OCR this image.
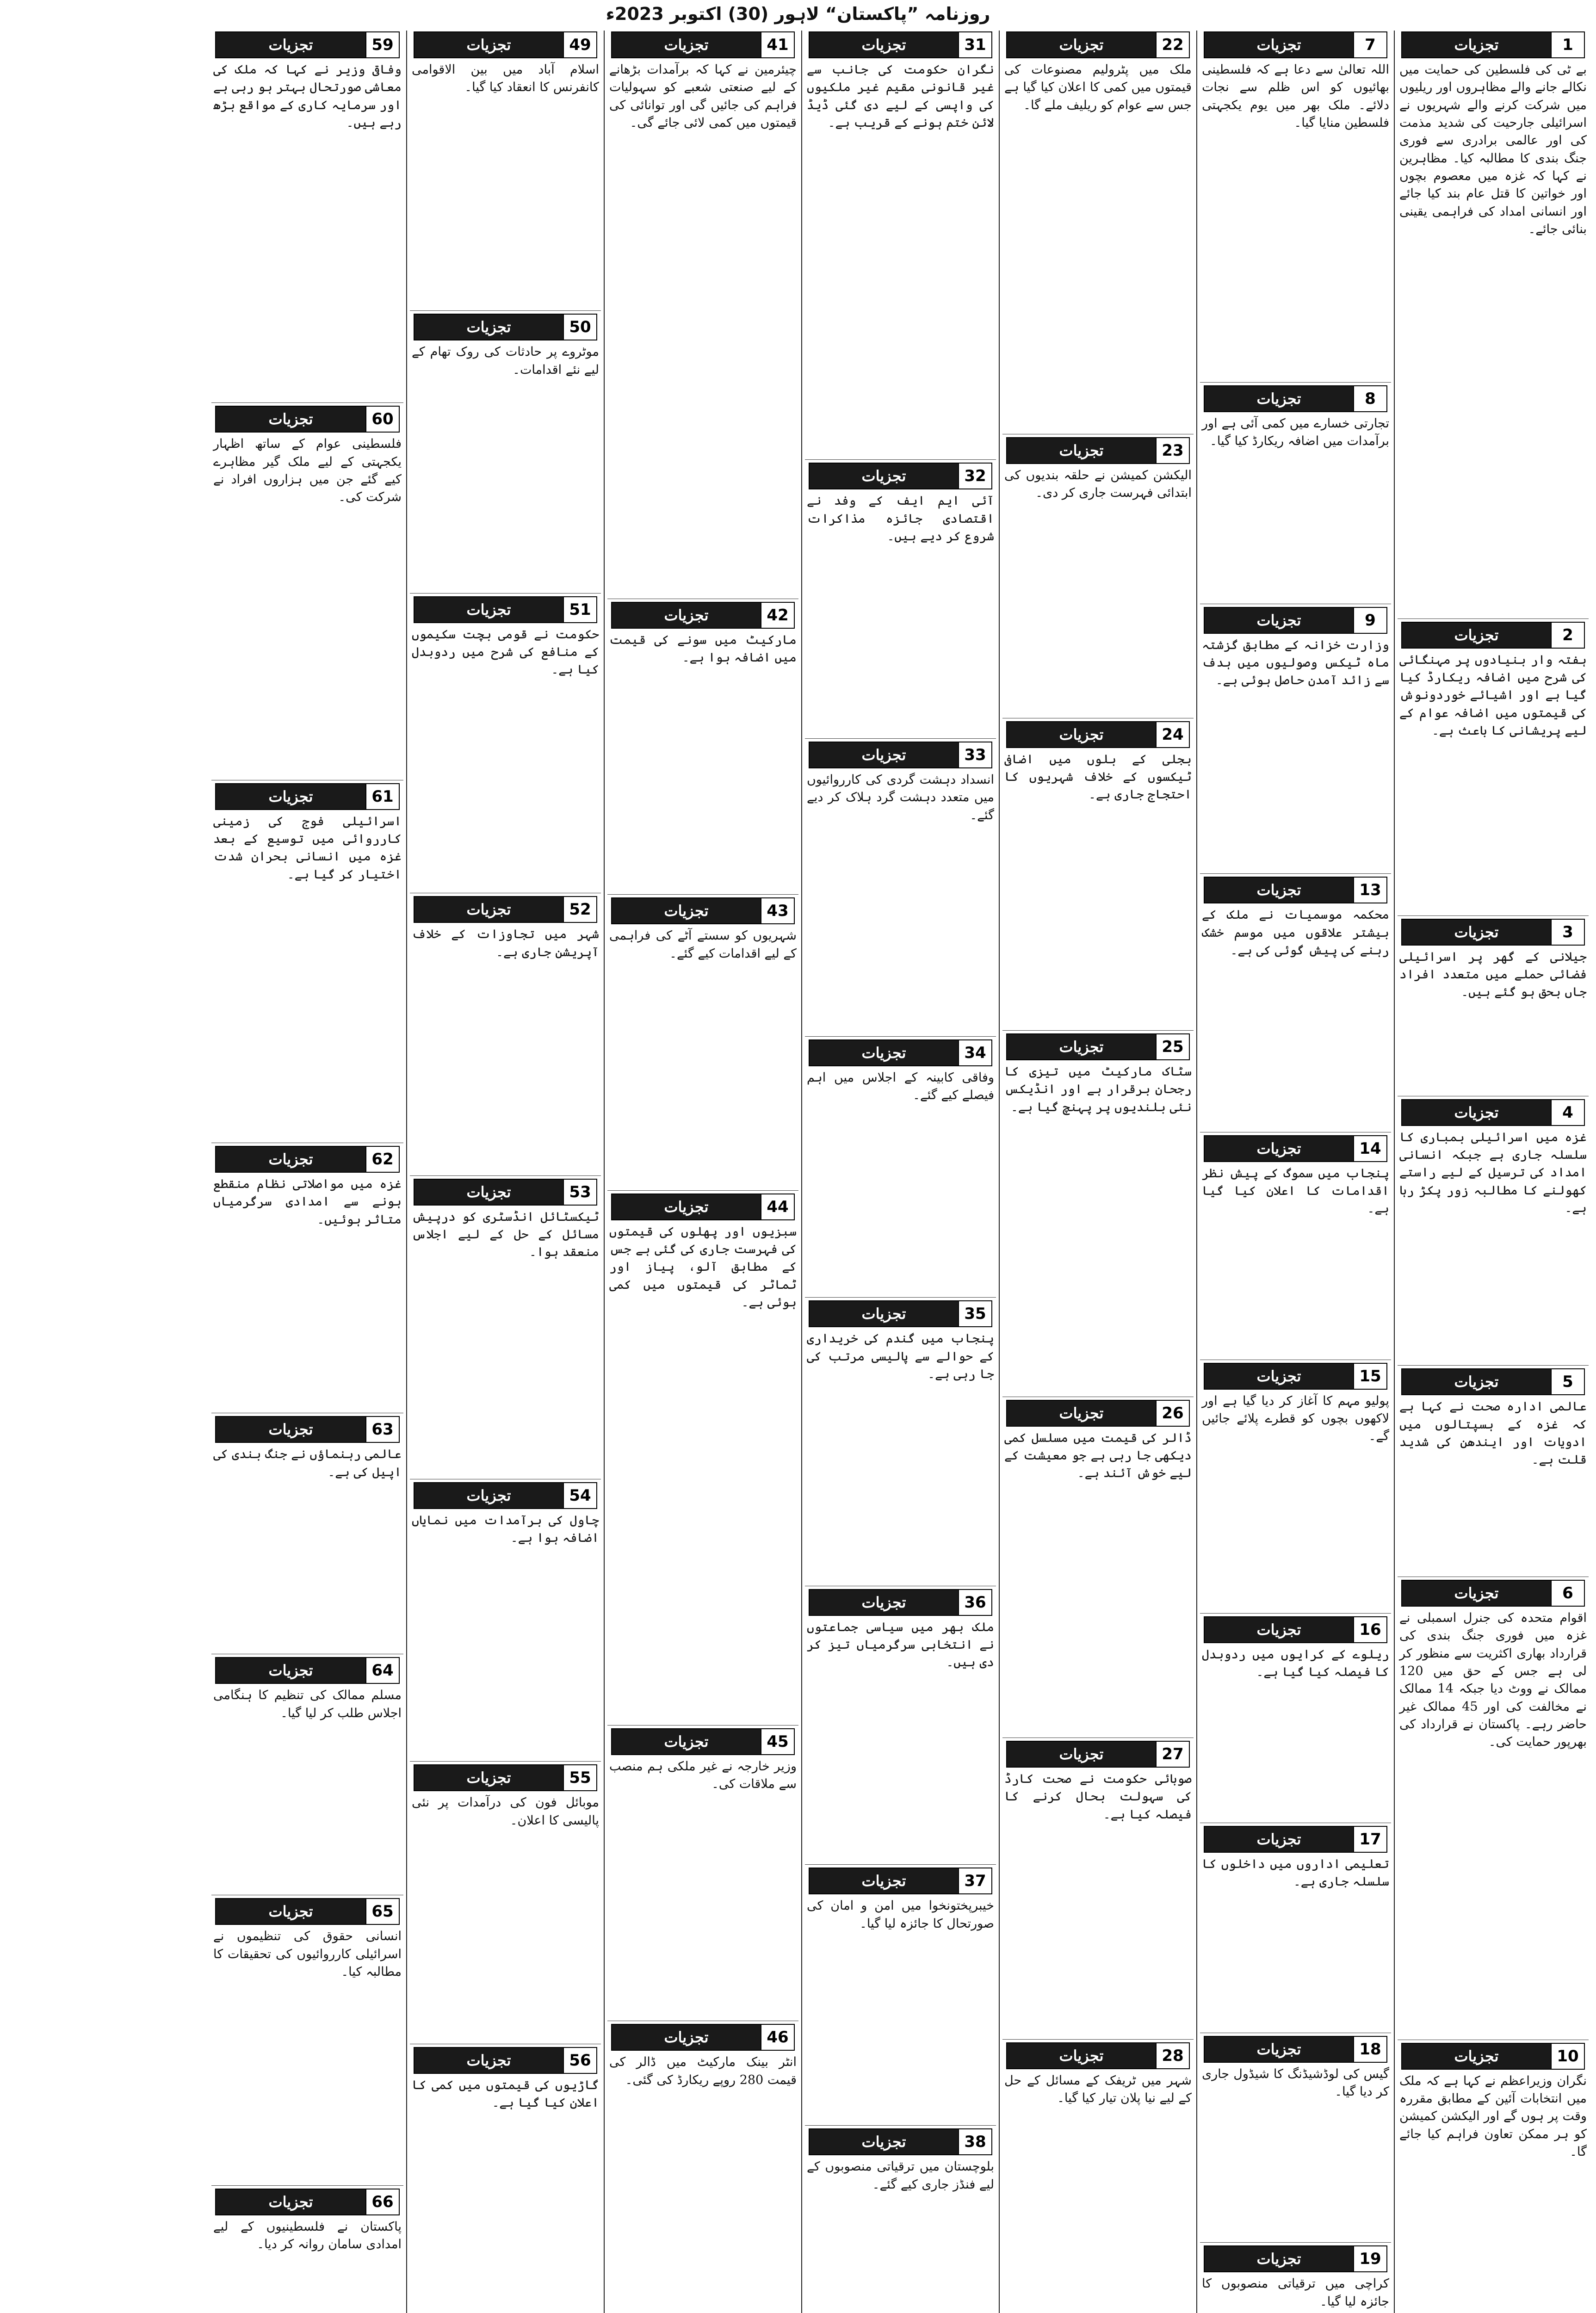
روزنامہ ”پاکستان“ لاہور (30) اکتوبر 2023ء
1
تجزیات
بے ٹی کی فلسطین کی حمایت میں نکالے جانے والے مظاہروں اور ریلیوں میں شرکت کرنے والے شہریوں نے اسرائیلی جارحیت کی شدید مذمت کی اور عالمی برادری سے فوری جنگ بندی کا مطالبہ کیا۔ مظاہرین نے کہا کہ غزہ میں معصوم بچوں اور خواتین کا قتل عام بند کیا جائے اور انسانی امداد کی فراہمی یقینی بنائی جائے۔
2
تجزیات
ہفتہ وار بنیادوں پر مہنگائی کی شرح میں اضافہ ریکارڈ کیا گیا ہے اور اشیائے خوردونوش کی قیمتوں میں اضافہ عوام کے لیے پریشانی کا باعث ہے۔
3
تجزیات
جیلانی کے گھر پر اسرائیلی فضائی حملے میں متعدد افراد جاں بحق ہو گئے ہیں۔
4
تجزیات
غزہ میں اسرائیلی بمباری کا سلسلہ جاری ہے جبکہ انسانی امداد کی ترسیل کے لیے راستے کھولنے کا مطالبہ زور پکڑ رہا ہے۔
5
تجزیات
عالمی ادارہ صحت نے کہا ہے کہ غزہ کے ہسپتالوں میں ادویات اور ایندھن کی شدید قلت ہے۔
6
تجزیات
اقوام متحدہ کی جنرل اسمبلی نے غزہ میں فوری جنگ بندی کی قرارداد بھاری اکثریت سے منظور کر لی ہے جس کے حق میں 120 ممالک نے ووٹ دیا جبکہ 14 ممالک نے مخالفت کی اور 45 ممالک غیر حاضر رہے۔ پاکستان نے قرارداد کی بھرپور حمایت کی۔
10
تجزیات
نگران وزیراعظم نے کہا ہے کہ ملک میں انتخابات آئین کے مطابق مقررہ وقت پر ہوں گے اور الیکشن کمیشن کو ہر ممکن تعاون فراہم کیا جائے گا۔
7
تجزیات
اللہ تعالیٰ سے دعا ہے کہ فلسطینی بھائیوں کو اس ظلم سے نجات دلائے۔ ملک بھر میں یوم یکجہتی فلسطین منایا گیا۔
8
تجزیات
تجارتی خسارے میں کمی آئی ہے اور برآمدات میں اضافہ ریکارڈ کیا گیا۔
9
تجزیات
وزارت خزانہ کے مطابق گزشتہ ماہ ٹیکس وصولیوں میں ہدف سے زائد آمدن حاصل ہوئی ہے۔
13
تجزیات
محکمہ موسمیات نے ملک کے بیشتر علاقوں میں موسم خشک رہنے کی پیش گوئی کی ہے۔
14
تجزیات
پنجاب میں سموگ کے پیش نظر اقدامات کا اعلان کیا گیا ہے۔
15
تجزیات
پولیو مہم کا آغاز کر دیا گیا ہے اور لاکھوں بچوں کو قطرے پلائے جائیں گے۔
16
تجزیات
ریلوے کے کرایوں میں ردوبدل کا فیصلہ کیا گیا ہے۔
17
تجزیات
تعلیمی اداروں میں داخلوں کا سلسلہ جاری ہے۔
18
تجزیات
گیس کی لوڈشیڈنگ کا شیڈول جاری کر دیا گیا۔
19
تجزیات
کراچی میں ترقیاتی منصوبوں کا جائزہ لیا گیا۔
22
تجزیات
ملک میں پٹرولیم مصنوعات کی قیمتوں میں کمی کا اعلان کیا گیا ہے جس سے عوام کو ریلیف ملے گا۔
23
تجزیات
الیکشن کمیشن نے حلقہ بندیوں کی ابتدائی فہرست جاری کر دی۔
24
تجزیات
بجلی کے بلوں میں اضافی ٹیکسوں کے خلاف شہریوں کا احتجاج جاری ہے۔
25
تجزیات
سٹاک مارکیٹ میں تیزی کا رجحان برقرار ہے اور انڈیکس نئی بلندیوں پر پہنچ گیا ہے۔
26
تجزیات
ڈالر کی قیمت میں مسلسل کمی دیکھی جا رہی ہے جو معیشت کے لیے خوش آئند ہے۔
27
تجزیات
صوبائی حکومت نے صحت کارڈ کی سہولت بحال کرنے کا فیصلہ کیا ہے۔
28
تجزیات
شہر میں ٹریفک کے مسائل کے حل کے لیے نیا پلان تیار کیا گیا۔
31
تجزیات
نگران حکومت کی جانب سے غیر قانونی مقیم غیر ملکیوں کی واپسی کے لیے دی گئی ڈیڈ لائن ختم ہونے کے قریب ہے۔
32
تجزیات
آئی ایم ایف کے وفد نے اقتصادی جائزہ مذاکرات شروع کر دیے ہیں۔
33
تجزیات
انسداد دہشت گردی کی کارروائیوں میں متعدد دہشت گرد ہلاک کر دیے گئے۔
34
تجزیات
وفاقی کابینہ کے اجلاس میں اہم فیصلے کیے گئے۔
35
تجزیات
پنجاب میں گندم کی خریداری کے حوالے سے پالیسی مرتب کی جا رہی ہے۔
36
تجزیات
ملک بھر میں سیاسی جماعتوں نے انتخابی سرگرمیاں تیز کر دی ہیں۔
37
تجزیات
خیبرپختونخوا میں امن و امان کی صورتحال کا جائزہ لیا گیا۔
38
تجزیات
بلوچستان میں ترقیاتی منصوبوں کے لیے فنڈز جاری کیے گئے۔
41
تجزیات
چیئرمین نے کہا کہ برآمدات بڑھانے کے لیے صنعتی شعبے کو سہولیات فراہم کی جائیں گی اور توانائی کی قیمتوں میں کمی لائی جائے گی۔
42
تجزیات
مارکیٹ میں سونے کی قیمت میں اضافہ ہوا ہے۔
43
تجزیات
شہریوں کو سستے آٹے کی فراہمی کے لیے اقدامات کیے گئے۔
44
تجزیات
سبزیوں اور پھلوں کی قیمتوں کی فہرست جاری کی گئی ہے جس کے مطابق آلو، پیاز اور ٹماٹر کی قیمتوں میں کمی ہوئی ہے۔
45
تجزیات
وزیر خارجہ نے غیر ملکی ہم منصب سے ملاقات کی۔
46
تجزیات
انٹر بینک مارکیٹ میں ڈالر کی قیمت 280 روپے ریکارڈ کی گئی۔
49
تجزیات
اسلام آباد میں بین الاقوامی کانفرنس کا انعقاد کیا گیا۔
50
تجزیات
موٹروے پر حادثات کی روک تھام کے لیے نئے اقدامات۔
51
تجزیات
حکومت نے قومی بچت سکیموں کے منافع کی شرح میں ردوبدل کیا ہے۔
52
تجزیات
شہر میں تجاوزات کے خلاف آپریشن جاری ہے۔
53
تجزیات
ٹیکسٹائل انڈسٹری کو درپیش مسائل کے حل کے لیے اجلاس منعقد ہوا۔
54
تجزیات
چاول کی برآمدات میں نمایاں اضافہ ہوا ہے۔
55
تجزیات
موبائل فون کی درآمدات پر نئی پالیسی کا اعلان۔
56
تجزیات
گاڑیوں کی قیمتوں میں کمی کا اعلان کیا گیا ہے۔
59
تجزیات
وفاقی وزیر نے کہا کہ ملک کی معاشی صورتحال بہتر ہو رہی ہے اور سرمایہ کاری کے مواقع بڑھ رہے ہیں۔
60
تجزیات
فلسطینی عوام کے ساتھ اظہار یکجہتی کے لیے ملک گیر مظاہرے کیے گئے جن میں ہزاروں افراد نے شرکت کی۔
61
تجزیات
اسرائیلی فوج کی زمینی کارروائی میں توسیع کے بعد غزہ میں انسانی بحران شدت اختیار کر گیا ہے۔
62
تجزیات
غزہ میں مواصلاتی نظام منقطع ہونے سے امدادی سرگرمیاں متاثر ہوئیں۔
63
تجزیات
عالمی رہنماؤں نے جنگ بندی کی اپیل کی ہے۔
64
تجزیات
مسلم ممالک کی تنظیم کا ہنگامی اجلاس طلب کر لیا گیا۔
65
تجزیات
انسانی حقوق کی تنظیموں نے اسرائیلی کارروائیوں کی تحقیقات کا مطالبہ کیا۔
66
تجزیات
پاکستان نے فلسطینیوں کے لیے امدادی سامان روانہ کر دیا۔
